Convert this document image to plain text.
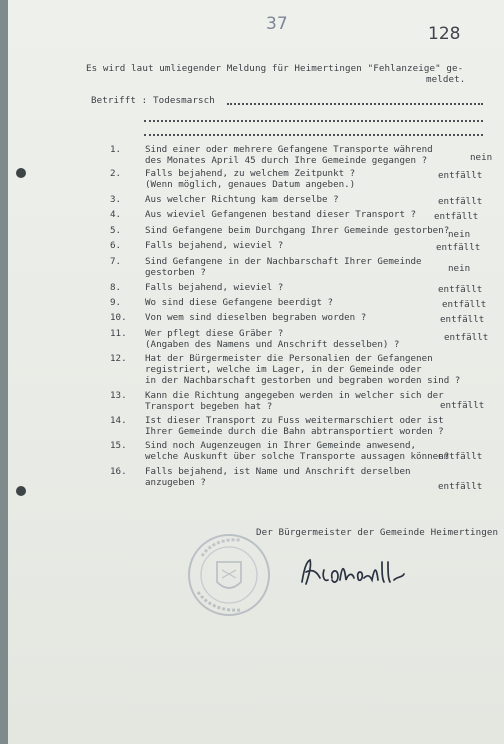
37	128
Es wird laut umliegender Meldung für Heimertingen "Fehlanzeige" ge-
meldet.
Betrifft : Todesmarsch
1.	Sind einer oder mehrere Gefangene Transporte während
des Monates April 45 durch Ihre Gemeinde gegangen ?	nein
2.	Falls bejahend, zu welchem Zeitpunkt ?
(Wenn möglich, genaues Datum angeben.)
entfällt
3.	Aus welcher Richtung kam derselbe ?	entfällt
4.	Aus wieviel Gefangenen bestand dieser Transport ?	entfällt
5.	Sind Gefangene beim Durchgang Ihrer Gemeinde gestorben?
nein
6.	Falls bejahend, wieviel ?	entfällt
7.	Sind Gefangene in der Nachbarschaft Ihrer Gemeinde
gestorben ?	nein
8.	Falls bejahend, wieviel ?	entfällt
9.	Wo sind diese Gefangene beerdigt ?	entfällt
10.	Von wem sind dieselben begraben worden ?	entfällt
11.	Wer pflegt diese Gräber ?
(Angaben des Namens und Anschrift desselben) ?
entfällt
12.	Hat der Bürgermeister die Personalien der Gefangenen
registriert, welche im Lager, in der Gemeinde oder
in der Nachbarschaft gestorben und begraben worden sind ?
13.	Kann die Richtung angegeben werden in welcher sich der
Transport begeben hat ?	entfällt
14.	Ist dieser Transport zu Fuss weitermarschiert oder ist
Ihrer Gemeinde durch die Bahn abtransportiert worden ?
15.	Sind noch Augenzeugen in Ihrer Gemeinde anwesend,
welche Auskunft über solche Transporte aussagen können?
entfällt
16.	Falls bejahend, ist Name und Anschrift derselben
anzugeben ?	entfällt
Der Bürgermeister der Gemeinde Heimertingen
